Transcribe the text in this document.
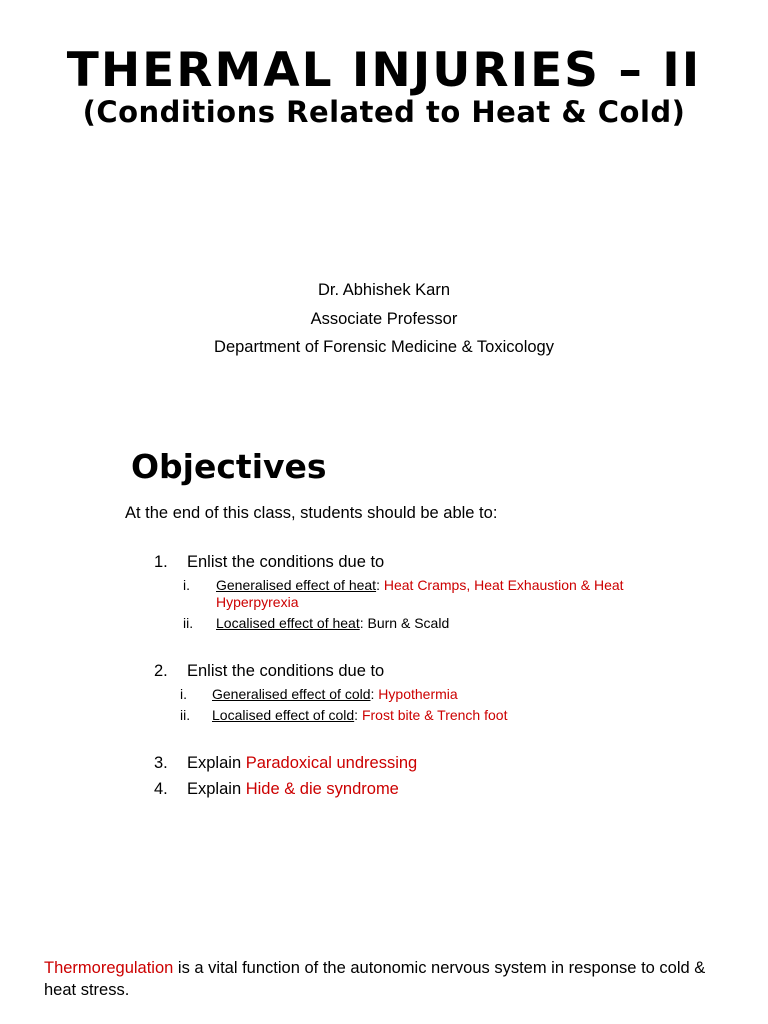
THERMAL INJURIES – II
(Conditions Related to Heat & Cold)
Dr. Abhishek Karn
Associate Professor
Department of Forensic Medicine & Toxicology
Objectives
At the end of this class, students should be able to:
1. Enlist the conditions due to
i. Generalised effect of heat: Heat Cramps, Heat Exhaustion & Heat Hyperpyrexia
ii. Localised effect of heat: Burn & Scald
2. Enlist the conditions due to
i. Generalised effect of cold: Hypothermia
ii. Localised effect of cold: Frost bite & Trench foot
3. Explain Paradoxical undressing
4. Explain Hide & die syndrome
Thermoregulation is a vital function of the autonomic nervous system in response to cold & heat stress.
